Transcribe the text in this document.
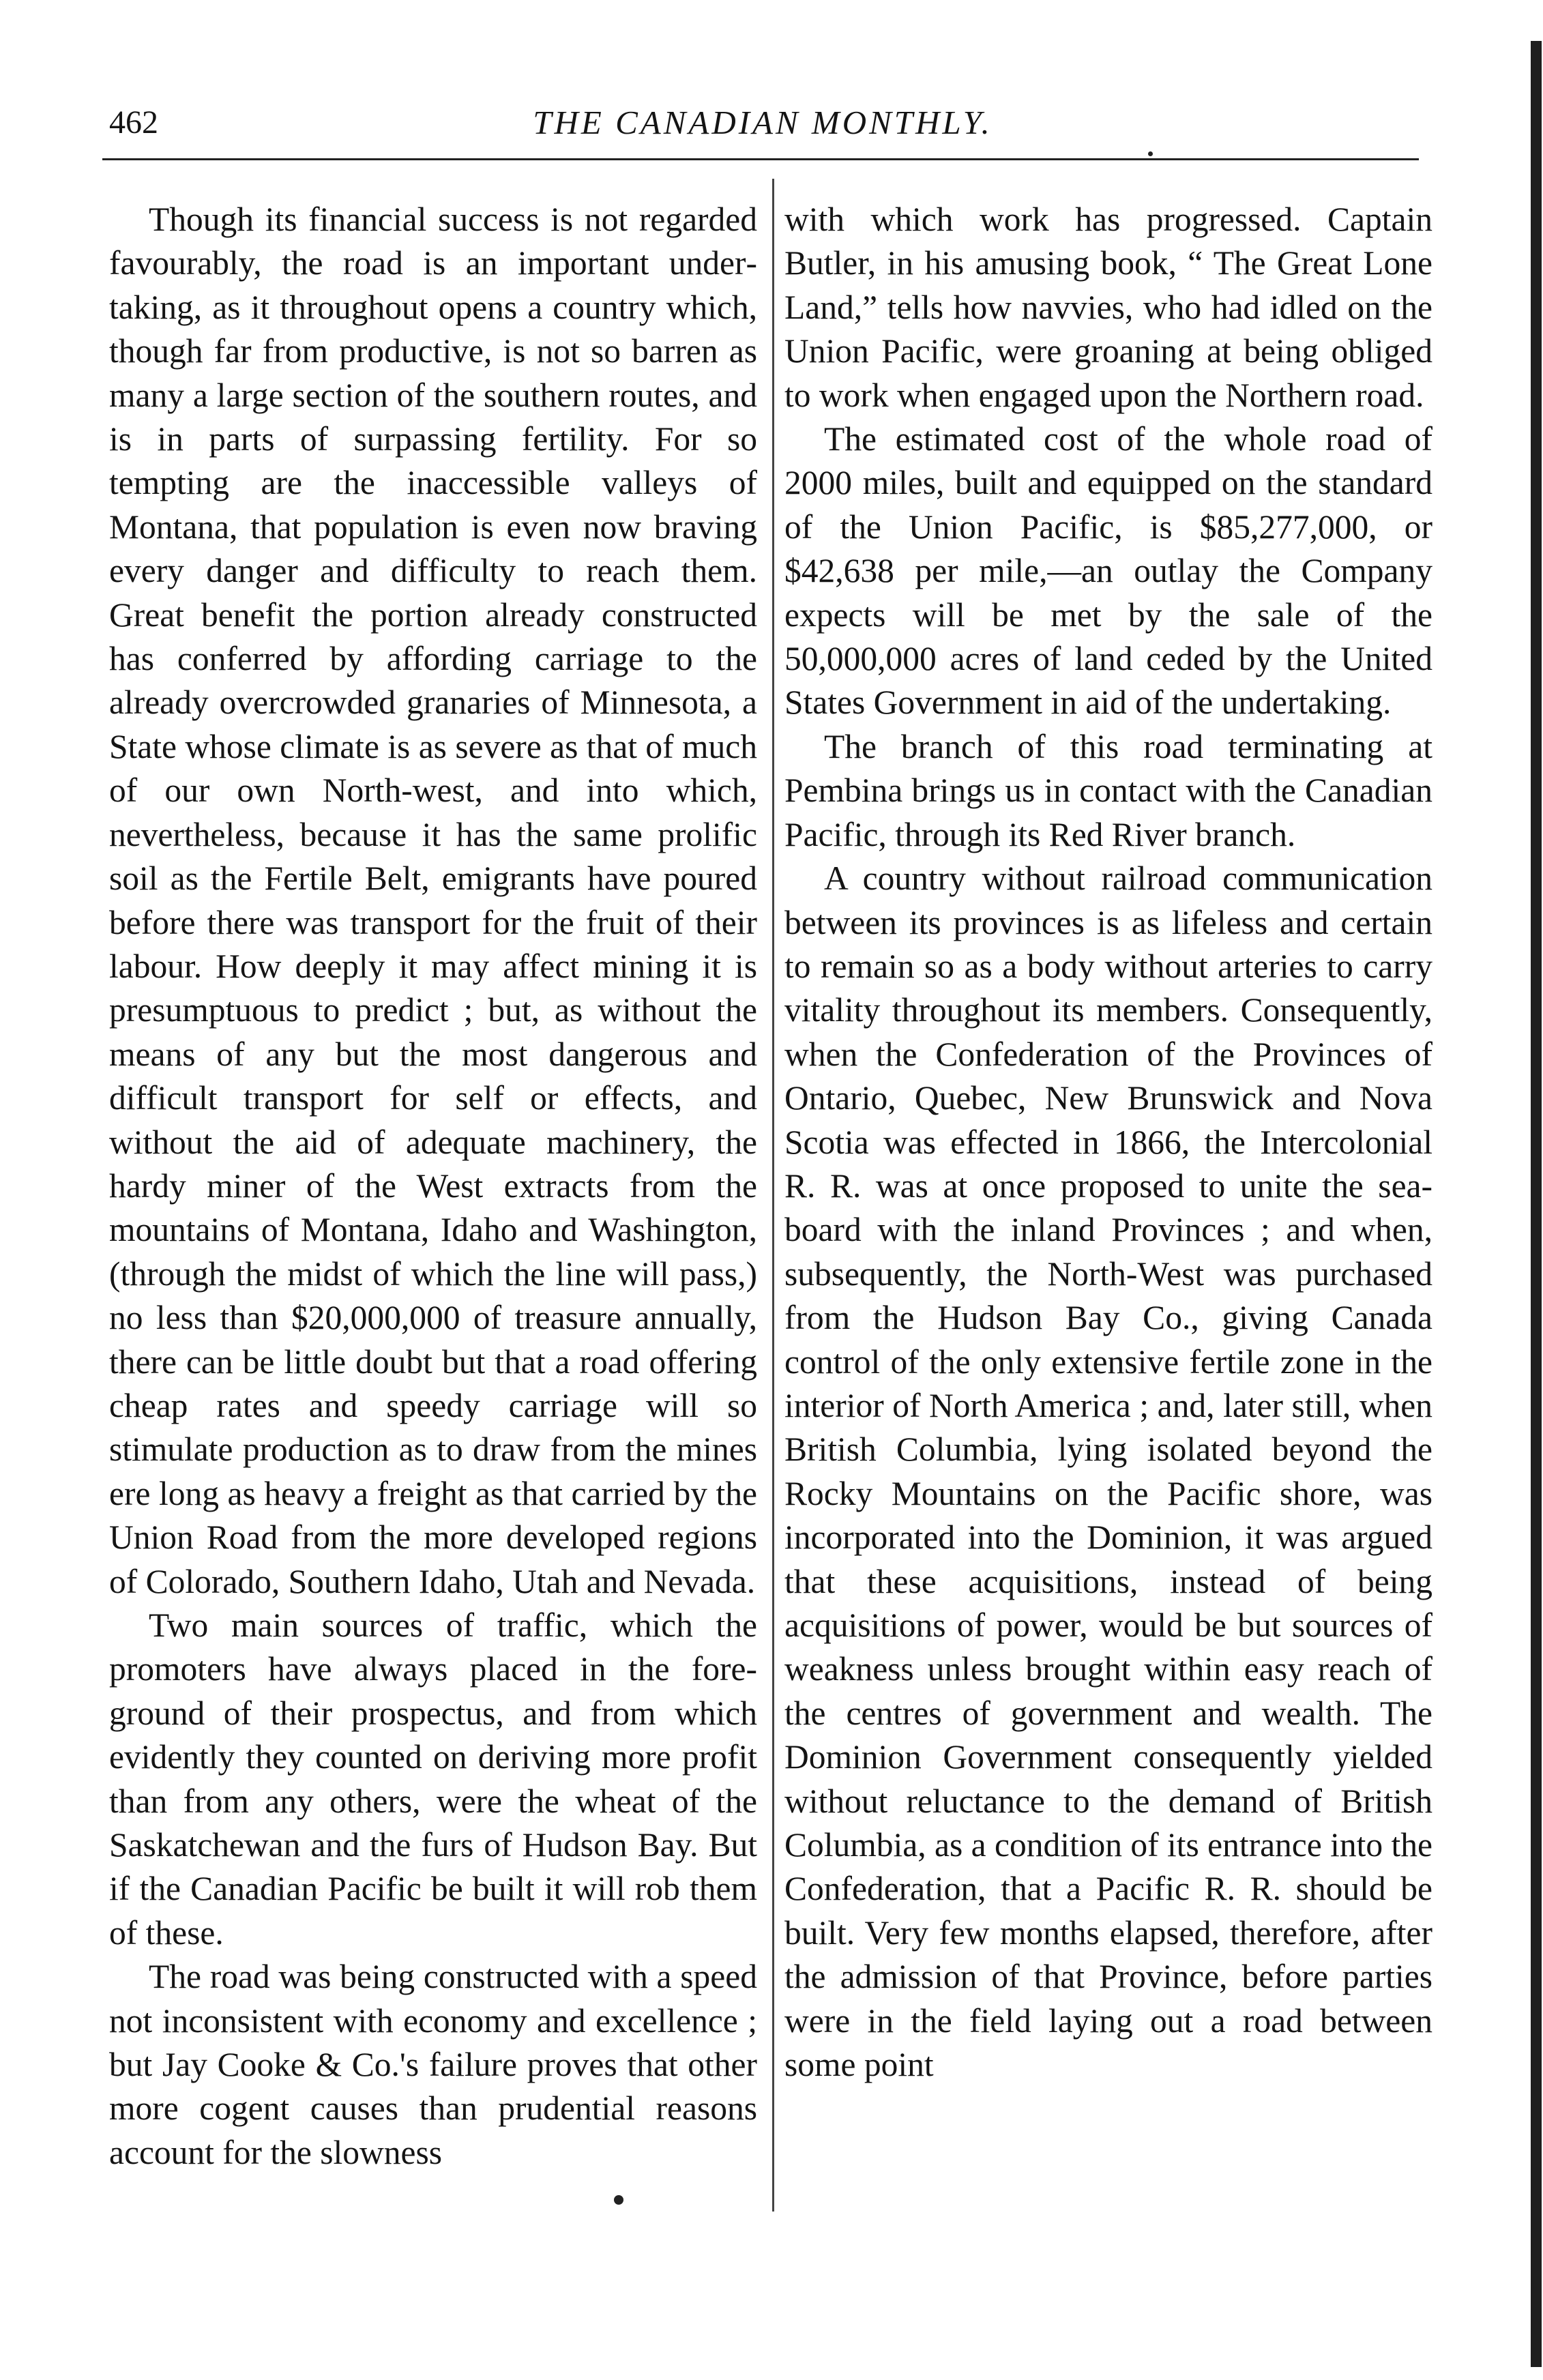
462	THE CANADIAN MONTHLY.

Though its financial success is not regarded favourably, the road is an important undertaking, as it throughout opens a country which, though far from productive, is not so barren as many a large section of the southern routes, and is in parts of surpassing fertility. For so tempting are the inaccessible valleys of Montana, that population is even now braving every danger and difficulty to reach them. Great benefit the portion already constructed has conferred by affording carriage to the already overcrowded granaries of Minnesota, a State whose climate is as severe as that of much of our own North-west, and into which, nevertheless, because it has the same prolific soil as the Fertile Belt, emigrants have poured before there was transport for the fruit of their labour. How deeply it may affect mining it is presumptuous to predict ; but, as without the means of any but the most dangerous and difficult transport for self or effects, and without the aid of adequate machinery, the hardy miner of the West extracts from the mountains of Montana, Idaho and Washington, (through the midst of which the line will pass,) no less than $20,000,000 of treasure annually, there can be little doubt but that a road offering cheap rates and speedy carriage will so stimulate production as to draw from the mines ere long as heavy a freight as that carried by the Union Road from the more developed regions of Colorado, Southern Idaho, Utah and Nevada.

Two main sources of traffic, which the promoters have always placed in the foreground of their prospectus, and from which evidently they counted on deriving more profit than from any others, were the wheat of the Saskatchewan and the furs of Hudson Bay. But if the Canadian Pacific be built it will rob them of these.

The road was being constructed with a speed not inconsistent with economy and excellence ; but Jay Cooke & Co.'s failure proves that other more cogent causes than prudential reasons account for the slowness

with which work has progressed. Captain Butler, in his amusing book, “ The Great Lone Land,” tells how navvies, who had idled on the Union Pacific, were groaning at being obliged to work when engaged upon the Northern road.

The estimated cost of the whole road of 2000 miles, built and equipped on the standard of the Union Pacific, is $85,277,000, or $42,638 per mile,—an outlay the Company expects will be met by the sale of the 50,000,000 acres of land ceded by the United States Government in aid of the undertaking.

The branch of this road terminating at Pembina brings us in contact with the Canadian Pacific, through its Red River branch.

A country without railroad communication between its provinces is as lifeless and certain to remain so as a body without arteries to carry vitality throughout its members. Consequently, when the Confederation of the Provinces of Ontario, Quebec, New Brunswick and Nova Scotia was effected in 1866, the Intercolonial R. R. was at once proposed to unite the sea-board with the inland Provinces ; and when, subsequently, the North-West was purchased from the Hudson Bay Co., giving Canada control of the only extensive fertile zone in the interior of North America ; and, later still, when British Columbia, lying isolated beyond the Rocky Mountains on the Pacific shore, was incorporated into the Dominion, it was argued that these acquisitions, instead of being acquisitions of power, would be but sources of weakness unless brought within easy reach of the centres of government and wealth. The Dominion Government consequently yielded without reluctance to the demand of British Columbia, as a condition of its entrance into the Confederation, that a Pacific R. R. should be built. Very few months elapsed, therefore, after the admission of that Province, before parties were in the field laying out a road between some point
